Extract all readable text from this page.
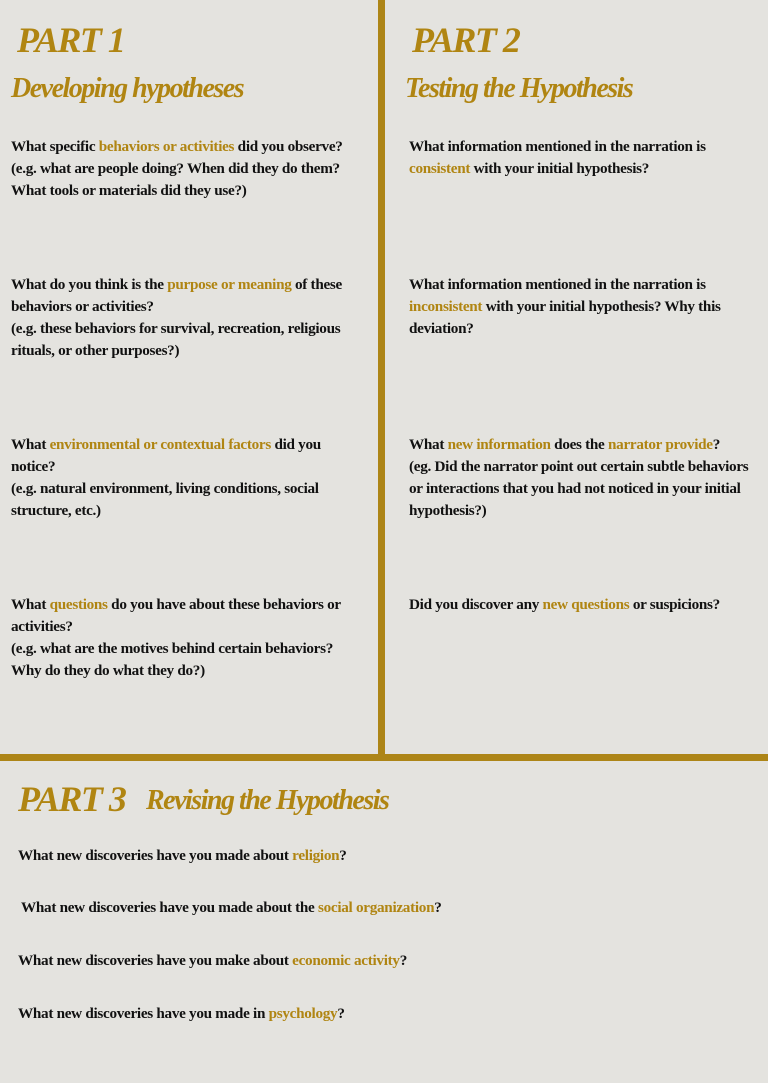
PART 1
Developing hypotheses
What specific behaviors or activities did you observe?
(e.g. what are people doing? When did they do them? What tools or materials did they use?)
What do you think is the purpose or meaning of these behaviors or activities?
(e.g. these behaviors for survival, recreation, religious rituals, or other purposes?)
What environmental or contextual factors did you notice?
(e.g. natural environment, living conditions, social structure, etc.)
What questions do you have about these behaviors or activities?
(e.g. what are the motives behind certain behaviors? Why do they do what they do?)
PART 2
Testing the Hypothesis
What information mentioned in the narration is consistent with your initial hypothesis?
What information mentioned in the narration is inconsistent with your initial hypothesis? Why this deviation?
What new information does the narrator provide?
(eg. Did the narrator point out certain subtle behaviors or interactions that you had not noticed in your initial hypothesis?)
Did you discover any new questions or suspicions?
PART 3 Revising the Hypothesis
What new discoveries have you made about religion?
What new discoveries have you made about the social organization?
What new discoveries have you make about economic activity?
What new discoveries have you made in psychology?
